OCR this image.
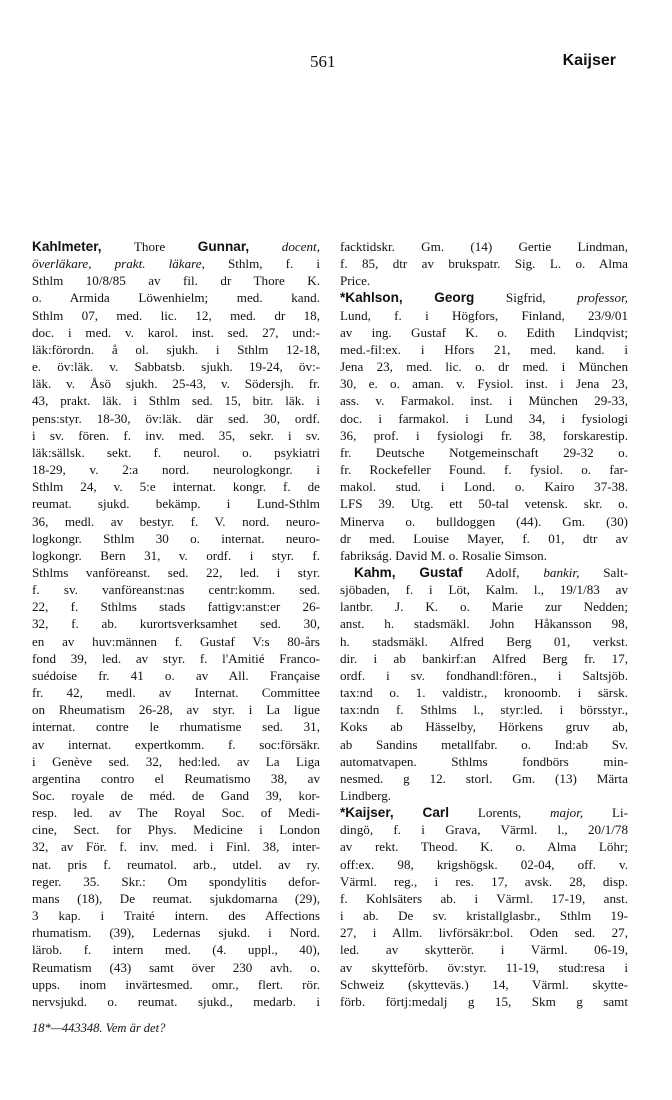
561	Kaijser
Kahlmeter, Thore Gunnar, docent,
överläkare, prakt. läkare, Sthlm, f. i
Sthlm 10/8/85 av fil. dr Thore K.
o. Armida Löwenhielm; med. kand.
Sthlm 07, med. lic. 12, med. dr 18,
doc. i med. v. karol. inst. sed. 27, und:-
läk:förordn. å ol. sjukh. i Sthlm 12-18,
e. öv:läk. v. Sabbatsb. sjukh. 19-24, öv:-
läk. v. Åsö sjukh. 25-43, v. Södersjh. fr.
43, prakt. läk. i Sthlm sed. 15, bitr. läk. i
pens:styr. 18-30, öv:läk. där sed. 30, ordf.
i sv. fören. f. inv. med. 35, sekr. i sv.
läk:sällsk. sekt. f. neurol. o. psykiatri
18-29, v. 2:a nord. neurologkongr. i
Sthlm 24, v. 5:e internat. kongr. f. de
reumat. sjukd. bekämp. i Lund-Sthlm
36, medl. av bestyr. f. V. nord. neuro-
logkongr. Sthlm 30 o. internat. neuro-
logkongr. Bern 31, v. ordf. i styr. f.
Sthlms vanföreanst. sed. 22, led. i styr.
f. sv. vanföreanst:nas centr:komm. sed.
22, f. Sthlms stads fattigv:anst:er 26-
32, f. ab. kurortsverksamhet sed. 30,
en av huv:männen f. Gustaf V:s 80-års
fond 39, led. av styr. f. l'Amitié Franco-
suédoise fr. 41 o. av All. Française
fr. 42, medl. av Internat. Committee
on Rheumatism 26-28, av styr. i La ligue
internat. contre le rhumatisme sed. 31,
av internat. expertkomm. f. soc:försäkr.
i Genève sed. 32, hed:led. av La Liga
argentina contro el Reumatismo 38, av
Soc. royale de méd. de Gand 39, kor-
resp. led. av The Royal Soc. of Medi-
cine, Sect. for Phys. Medicine i London
32, av För. f. inv. med. i Finl. 38, inter-
nat. pris f. reumatol. arb., utdel. av ry.
reger. 35. Skr.: Om spondylitis defor-
mans (18), De reumat. sjukdomarna (29),
3 kap. i Traité intern. des Affections
rhumatism. (39), Ledernas sjukd. i Nord.
lärob. f. intern med. (4. uppl., 40),
Reumatism (43) samt över 230 avh. o.
upps. inom invärtesmed. omr., flert. rör.
nervsjukd. o. reumat. sjukd., medarb. i
18*—443348. Vem är det?
facktidskr. Gm. (14) Gertie Lindman,
f. 85, dtr av brukspatr. Sig. L. o. Alma
Price.
*Kahlson, Georg Sigfrid, professor,
Lund, f. i Högfors, Finland, 23/9/01
av ing. Gustaf K. o. Edith Lindqvist;
med.-fil:ex. i Hfors 21, med. kand. i
Jena 23, med. lic. o. dr med. i München
30, e. o. aman. v. Fysiol. inst. i Jena 23,
ass. v. Farmakol. inst. i München 29-33,
doc. i farmakol. i Lund 34, i fysiologi
36, prof. i fysiologi fr. 38, forskarestip.
fr. Deutsche Notgemeinschaft 29-32 o.
fr. Rockefeller Found. f. fysiol. o. far-
makol. stud. i Lond. o. Kairo 37-38.
LFS 39. Utg. ett 50-tal vetensk. skr. o.
Minerva o. bulldoggen (44). Gm. (30)
dr med. Louise Mayer, f. 01, dtr av
fabrikság. David M. o. Rosalie Simson.
Kahm, Gustaf Adolf, bankir, Salt-
sjöbaden, f. i Löt, Kalm. l., 19/1/83 av
lantbr. J. K. o. Marie zur Nedden;
anst. h. stadsmäkl. John Håkansson 98,
h. stadsmäkl. Alfred Berg 01, verkst.
dir. i ab bankirf:an Alfred Berg fr. 17,
ordf. i sv. fondhandl:fören., i Saltsjöb.
tax:nd o. 1. valdistr., kronoomb. i särsk.
tax:ndn f. Sthlms l., styr:led. i börsstyr.,
Koks ab Hässelby, Hörkens gruv ab,
ab Sandins metallfabr. o. Ind:ab Sv.
automatvapen. Sthlms fondbörs min-
nesmed. g 12. storl. Gm. (13) Märta
Lindberg.
*Kaijser, Carl Lorents, major, Li-
dingö, f. i Grava, Värml. l., 20/1/78
av rekt. Theod. K. o. Alma Löhr;
off:ex. 98, krigshögsk. 02-04, off. v.
Värml. reg., i res. 17, avsk. 28, disp.
f. Kohlsäters ab. i Värml. 17-19, anst.
i ab. De sv. kristallglasbr., Sthlm 19-
27, i Allm. livförsäkr:bol. Oden sed. 27,
led. av skytterör. i Värml. 06-19,
av skytteförb. öv:styr. 11-19, stud:resa i
Schweiz (skytteväs.) 14, Värml. skytte-
förb. förtj:medalj g 15, Skm g samt
